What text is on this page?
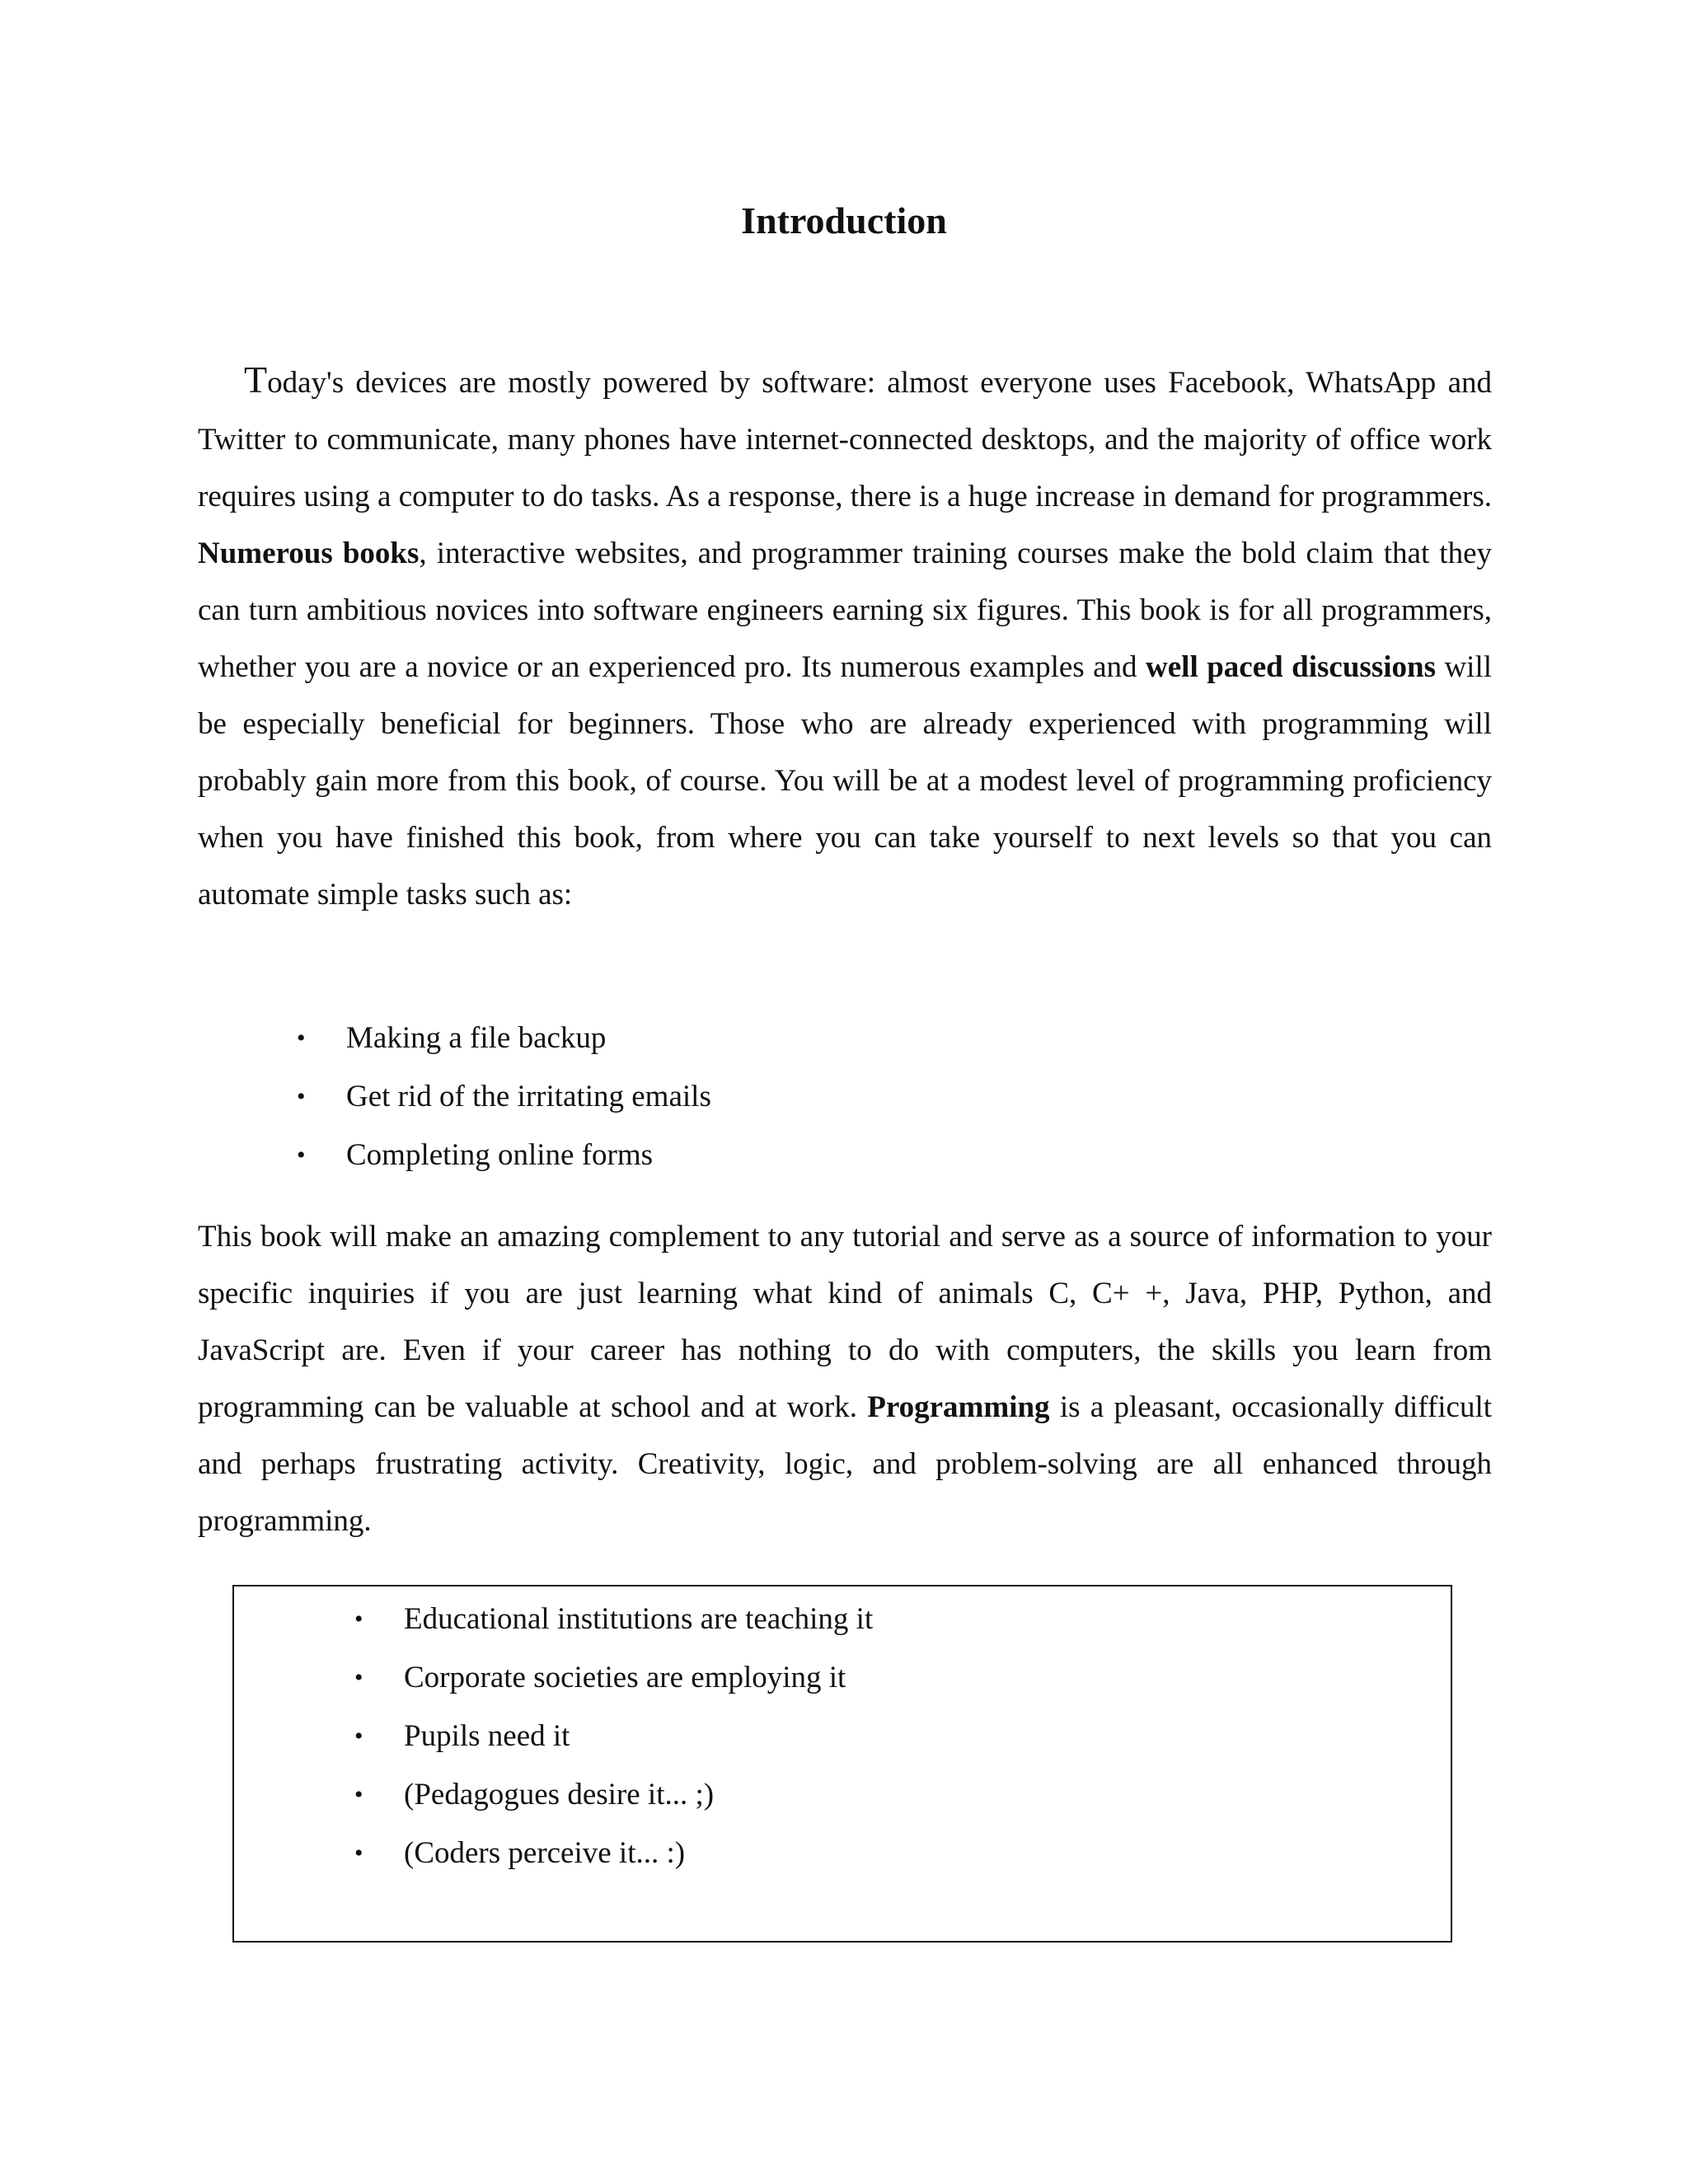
Introduction
Today's devices are mostly powered by software: almost everyone uses Facebook, WhatsApp and Twitter to communicate, many phones have internet-connected desktops, and the majority of office work requires using a computer to do tasks. As a response, there is a huge increase in demand for programmers. Numerous books, interactive websites, and programmer training courses make the bold claim that they can turn ambitious novices into software engineers earning six figures. This book is for all programmers, whether you are a novice or an experienced pro. Its numerous examples and well paced discussions will be especially beneficial for beginners. Those who are already experienced with programming will probably gain more from this book, of course. You will be at a modest level of programming proficiency when you have finished this book, from where you can take yourself to next levels so that you can automate simple tasks such as:
• Making a file backup
• Get rid of the irritating emails
• Completing online forms
This book will make an amazing complement to any tutorial and serve as a source of information to your specific inquiries if you are just learning what kind of animals C, C+ +, Java, PHP, Python, and JavaScript are. Even if your career has nothing to do with computers, the skills you learn from programming can be valuable at school and at work. Programming is a pleasant, occasionally difficult and perhaps frustrating activity. Creativity, logic, and problem-solving are all enhanced through programming.
• Educational institutions are teaching it
• Corporate societies are employing it
• Pupils need it
• (Pedagogues desire it... ;)
• (Coders perceive it... :)
